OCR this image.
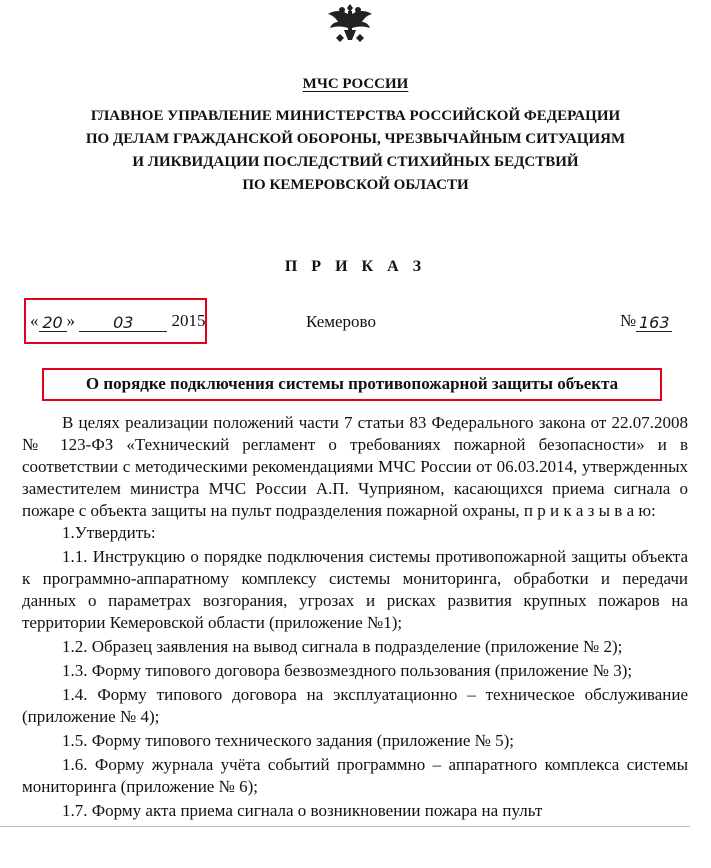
МЧС РОССИИ
ГЛАВНОЕ УПРАВЛЕНИЕ МИНИСТЕРСТВА РОССИЙСКОЙ ФЕДЕРАЦИИ
ПО ДЕЛАМ ГРАЖДАНСКОЙ ОБОРОНЫ, ЧРЕЗВЫЧАЙНЫМ СИТУАЦИЯМ
И ЛИКВИДАЦИИ ПОСЛЕДСТВИЙ СТИХИЙНЫХ БЕДСТВИЙ
ПО КЕМЕРОВСКОЙ ОБЛАСТИ
П Р И К А З
« 20 » 03 2015	Кемерово	№ 163
О порядке подключения системы противопожарной защиты объекта

В целях реализации положений части 7 статьи 83 Федерального закона от 22.07.2008 № 123-ФЗ «Технический регламент о требованиях пожарной безопасности» и в соответствии с методическими рекомендациями МЧС России от 06.03.2014, утвержденных заместителем министра МЧС России А.П. Чуприяном, касающихся приема сигнала о пожаре с объекта защиты на пульт подразделения пожарной охраны, п р и к а з ы в а ю:

1.Утвердить:

1.1. Инструкцию о порядке подключения системы противопожарной защиты объекта к программно-аппаратному комплексу системы мониторинга, обработки и передачи данных о параметрах возгорания, угрозах и рисках развития крупных пожаров на территории Кемеровской области (приложение №1);

1.2. Образец заявления на вывод сигнала в подразделение (приложение № 2);

1.3. Форму типового договора безвозмездного пользования (приложение № 3);

1.4. Форму типового договора на эксплуатационно – техническое обслуживание (приложение № 4);

1.5. Форму типового технического задания (приложение № 5);

1.6. Форму журнала учёта событий программно – аппаратного комплекса системы мониторинга (приложение № 6);

1.7. Форму акта приема сигнала о возникновении пожара на пульт
